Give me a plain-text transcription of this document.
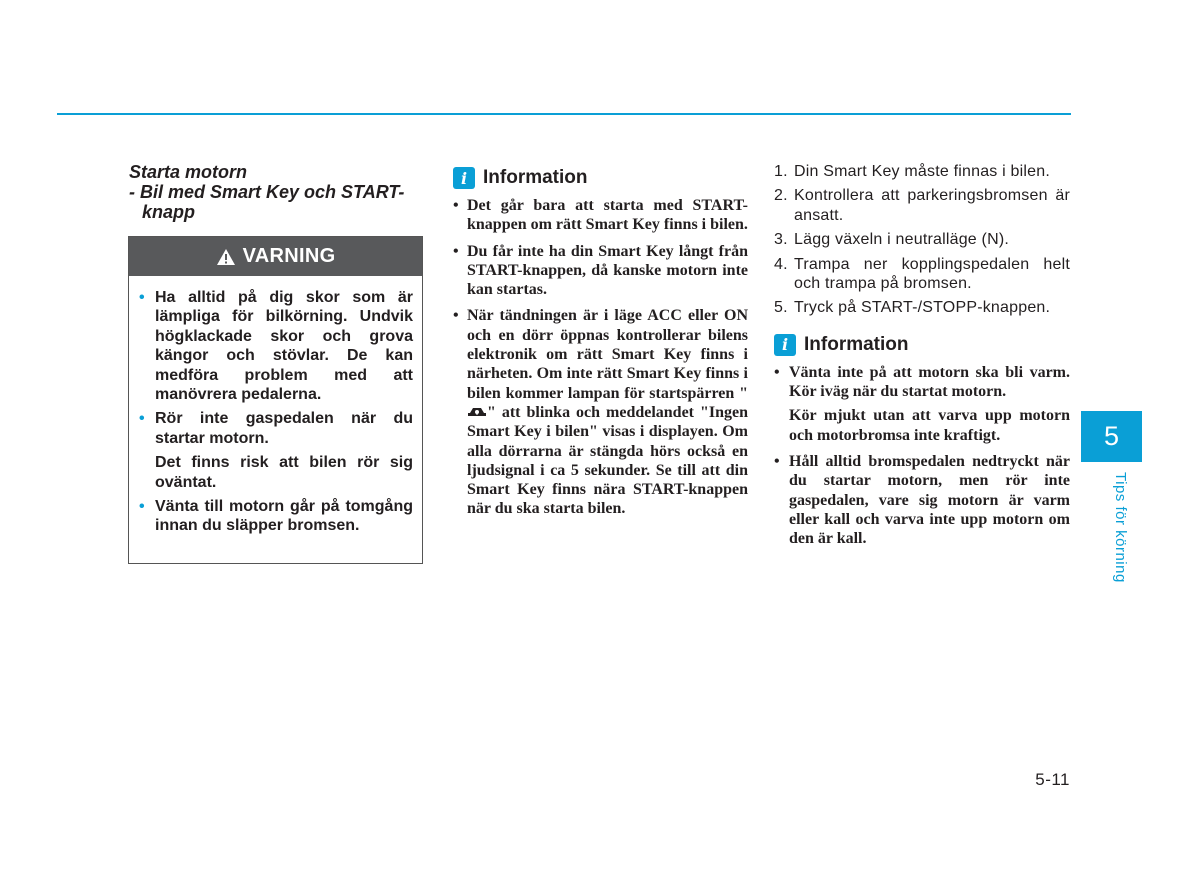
Starta motorn
- Bil med Smart Key och START-knapp

VARNING
• Ha alltid på dig skor som är lämpliga för bilkörning. Undvik högklackade skor och grova kängor och stövlar. De kan medföra problem med att manövrera pedalerna.
• Rör inte gaspedalen när du startar motorn.
Det finns risk att bilen rör sig oväntat.
• Vänta till motorn går på tomgång innan du släpper bromsen.
i Information
• Det går bara att starta med START-knappen om rätt Smart Key finns i bilen.
• Du får inte ha din Smart Key långt från START-knappen, då kanske motorn inte kan startas.
• När tändningen är i läge ACC eller ON och en dörr öppnas kontrollerar bilens elektronik om rätt Smart Key finns i närheten. Om inte rätt Smart Key finns i bilen kommer lampan för startspärren "" att blinka och meddelandet "Ingen Smart Key i bilen" visas i displayen. Om alla dörrarna är stängda hörs också en ljudsignal i ca 5 sekunder. Se till att din Smart Key finns nära START-knappen när du ska starta bilen.
1. Din Smart Key måste finnas i bilen.
2. Kontrollera att parkeringsbromsen är ansatt.
3. Lägg växeln i neutralläge (N).
4. Trampa ner kopplingspedalen helt och trampa på bromsen.
5. Tryck på START-/STOPP-knappen.
i Information
• Vänta inte på att motorn ska bli varm. Kör iväg när du startat motorn.
Kör mjukt utan att varva upp motorn och motorbromsa inte kraftigt.
• Håll alltid bromspedalen nedtryckt när du startar motorn, men rör inte gaspedalen, vare sig motorn är varm eller kall och varva inte upp motorn om den är kall.
5
Tips för körning
5-11
